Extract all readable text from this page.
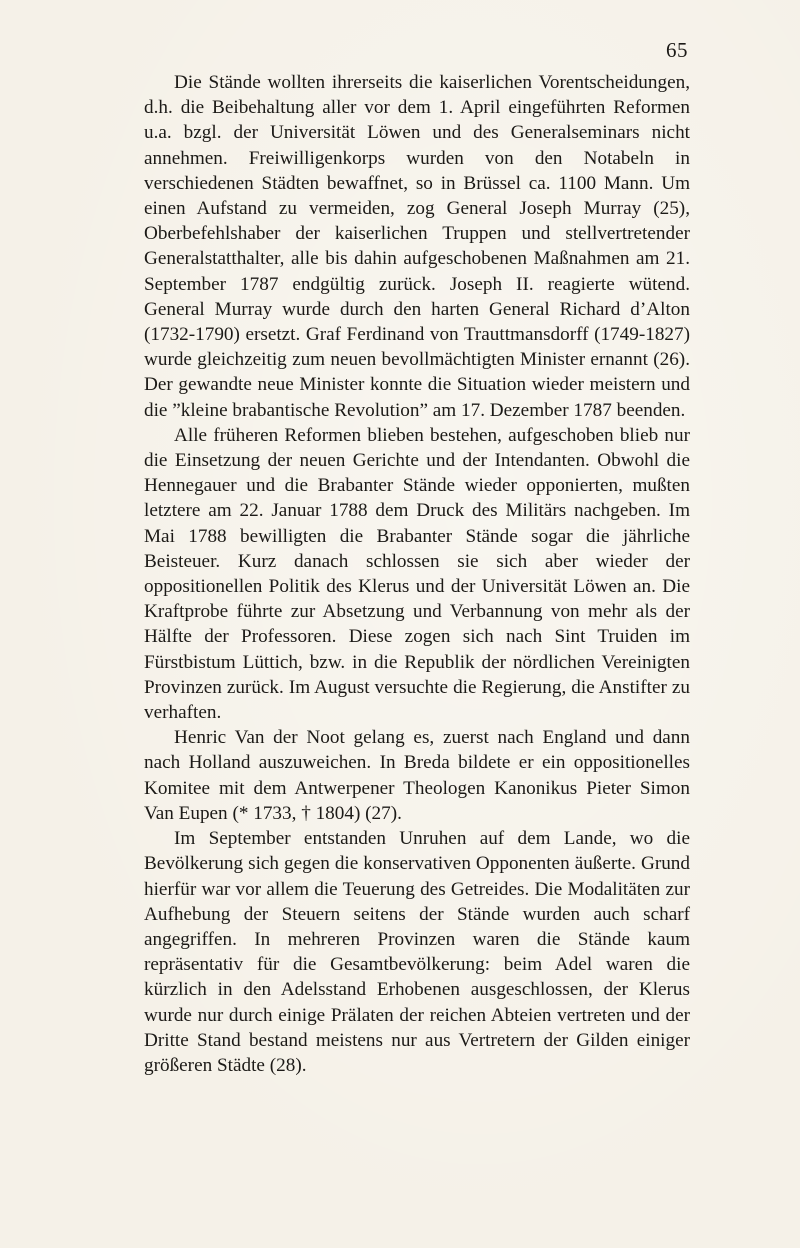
65

Die Stände wollten ihrerseits die kaiserlichen Vorentscheidungen, d.h. die Beibehaltung aller vor dem 1. April eingeführten Reformen u.a. bzgl. der Universität Löwen und des Generalseminars nicht annehmen. Freiwilligenkorps wurden von den Notabeln in verschiedenen Städten bewaffnet, so in Brüssel ca. 1100 Mann. Um einen Aufstand zu vermeiden, zog General Joseph Murray (25), Oberbefehlshaber der kaiserlichen Truppen und stellvertretender Generalstatthalter, alle bis dahin aufgeschobenen Maßnahmen am 21. September 1787 endgültig zurück. Joseph II. reagierte wütend. General Murray wurde durch den harten General Richard d’Alton (1732-1790) ersetzt. Graf Ferdinand von Trauttmansdorff (1749-1827) wurde gleichzeitig zum neuen bevollmächtigten Minister ernannt (26). Der gewandte neue Minister konnte die Situation wieder meistern und die ”kleine brabantische Revolution” am 17. Dezember 1787 beenden.

Alle früheren Reformen blieben bestehen, aufgeschoben blieb nur die Einsetzung der neuen Gerichte und der Intendanten. Obwohl die Hennegauer und die Brabanter Stände wieder opponierten, mußten letztere am 22. Januar 1788 dem Druck des Militärs nachgeben. Im Mai 1788 bewilligten die Brabanter Stände sogar die jährliche Beisteuer. Kurz danach schlossen sie sich aber wieder der oppositionellen Politik des Klerus und der Universität Löwen an. Die Kraftprobe führte zur Absetzung und Verbannung von mehr als der Hälfte der Professoren. Diese zogen sich nach Sint Truiden im Fürstbistum Lüttich, bzw. in die Republik der nördlichen Vereinigten Provinzen zurück. Im August versuchte die Regierung, die Anstifter zu verhaften.

Henric Van der Noot gelang es, zuerst nach England und dann nach Holland auszuweichen. In Breda bildete er ein oppositionelles Komitee mit dem Antwerpener Theologen Kanonikus Pieter Simon Van Eupen (* 1733, † 1804) (27).

Im September entstanden Unruhen auf dem Lande, wo die Bevölkerung sich gegen die konservativen Opponenten äußerte. Grund hierfür war vor allem die Teuerung des Getreides. Die Modalitäten zur Aufhebung der Steuern seitens der Stände wurden auch scharf angegriffen. In mehreren Provinzen waren die Stände kaum repräsentativ für die Gesamtbevölkerung: beim Adel waren die kürzlich in den Adelsstand Erhobenen ausgeschlossen, der Klerus wurde nur durch einige Prälaten der reichen Abteien vertreten und der Dritte Stand bestand meistens nur aus Vertretern der Gilden einiger größeren Städte (28).
